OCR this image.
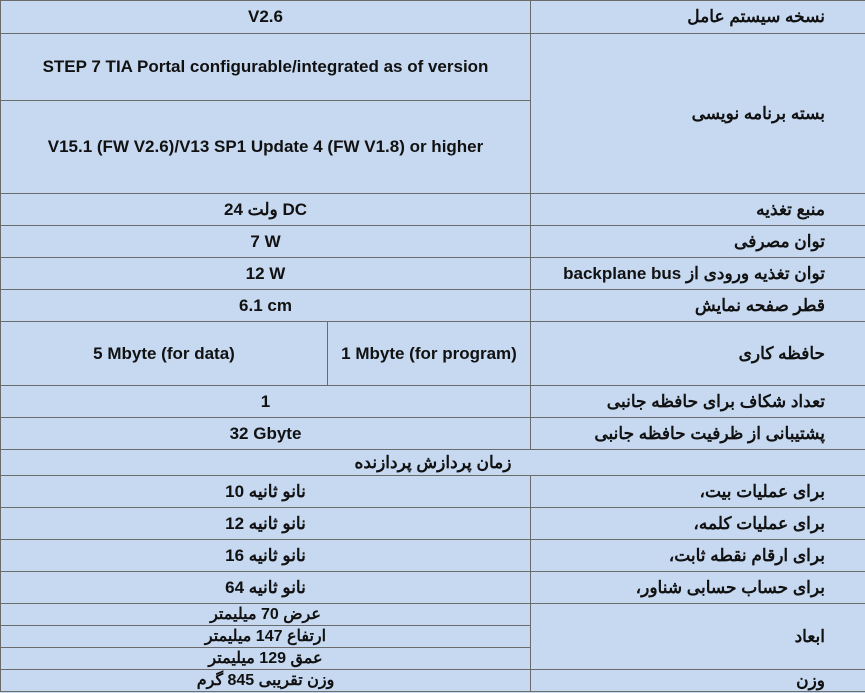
V2.6		نسخه سیستم عامل
STEP 7 TIA Portal configurable/integrated as of version		بسته برنامه نویسی
V15.1 (FW V2.6)/V13 SP1 Update 4 (FW V1.8) or higher		
DC ولت 24		منبع تغذیه
7 W		توان مصرفی
12 W		توان تغذیه ورودی از backplane bus
6.1 cm		قطر صفحه نمایش
5 Mbyte (for data)	1 Mbyte (for program)	حافظه کاری
1		تعداد شکاف برای حافظه جانبی
32 Gbyte		پشتیبانی از ظرفیت حافظه جانبی
زمان پردازش پردازنده		
نانو ثانیه 10		برای عملیات بیت،
نانو ثانیه 12		برای عملیات کلمه،
نانو ثانیه 16		برای ارقام نقطه ثابت،
نانو ثانیه 64		برای حساب حسابی شناور،
عرض 70 میلیمتر		ابعاد
ارتفاع 147 میلیمتر		
عمق 129 میلیمتر		
وزن تقریبی 845 گرم		وزن
